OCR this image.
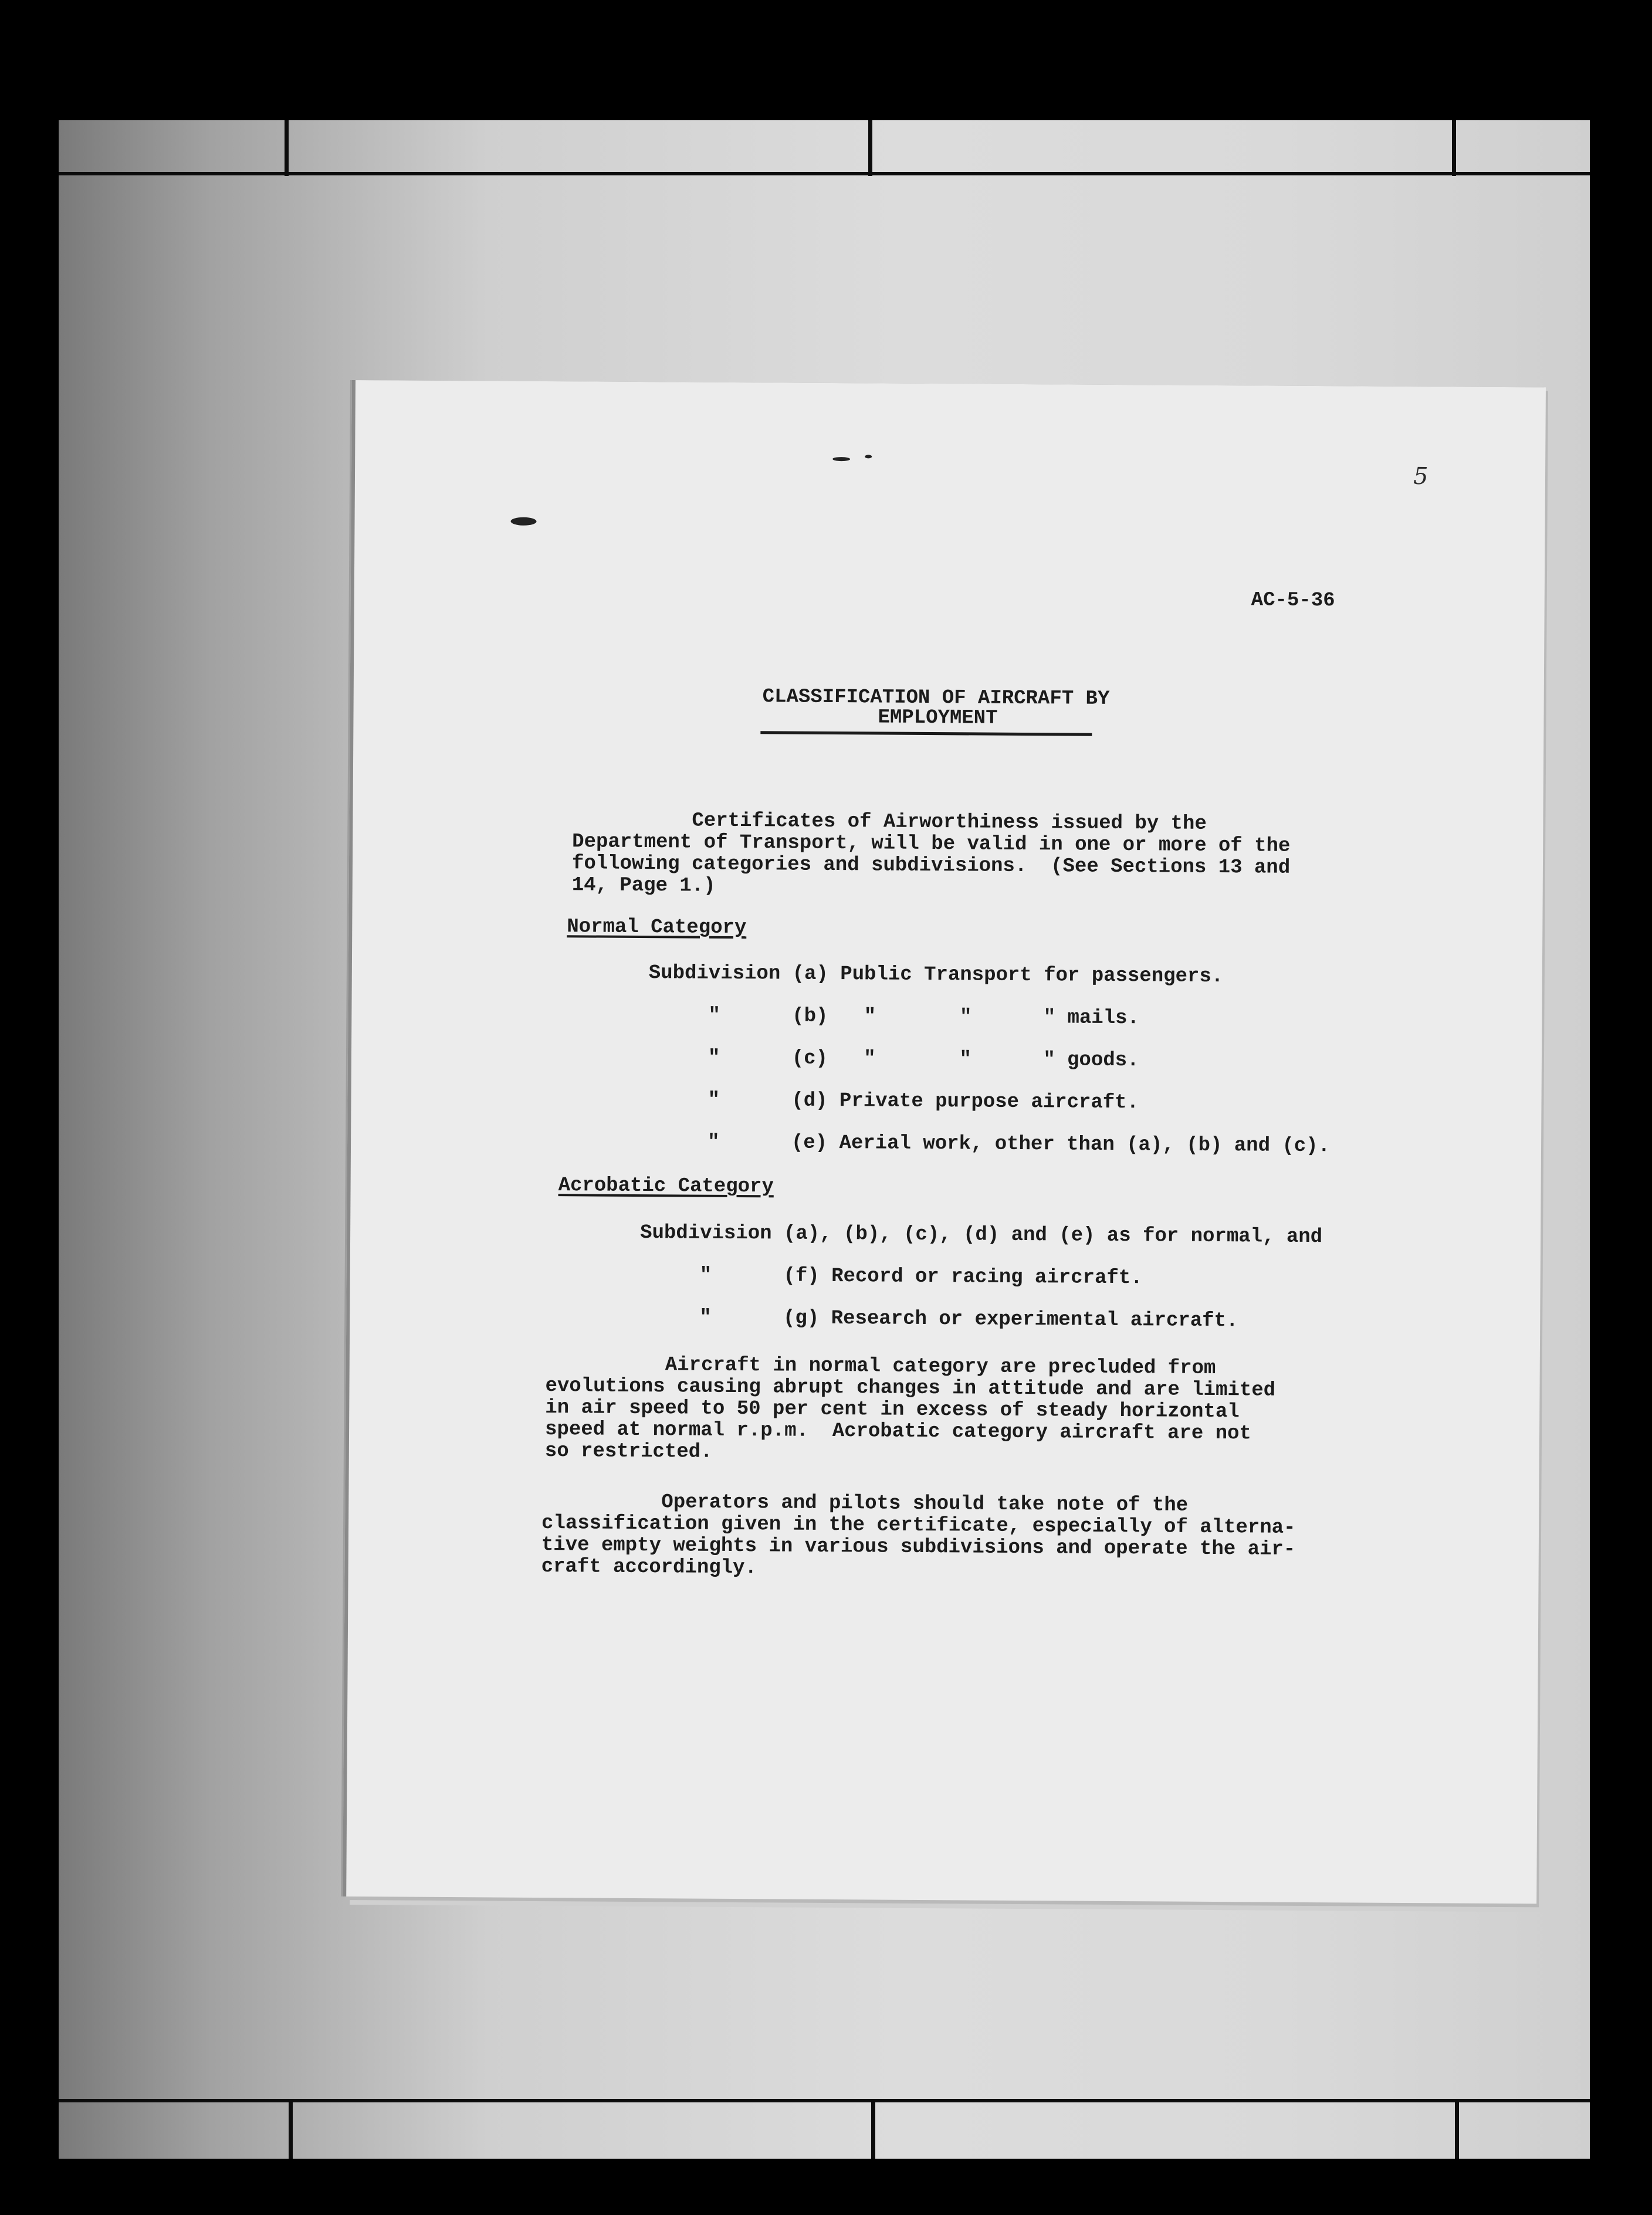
5

AC-5-36

CLASSIFICATION OF AIRCRAFT BY

EMPLOYMENT

Certificates of Airworthiness issued by the

Department of Transport, will be valid in one or more of the

following categories and subdivisions.  (See Sections 13 and

14, Page 1.)

Normal Category

Subdivision (a) Public Transport for passengers.

"      (b)   "       "      " mails.

"      (c)   "       "      " goods.

"      (d) Private purpose aircraft.

"      (e) Aerial work, other than (a), (b) and (c).

Acrobatic Category

Subdivision (a), (b), (c), (d) and (e) as for normal, and

"      (f) Record or racing aircraft.

"      (g) Research or experimental aircraft.

Aircraft in normal category are precluded from

evolutions causing abrupt changes in attitude and are limited

in air speed to 50 per cent in excess of steady horizontal

speed at normal r.p.m.  Acrobatic category aircraft are not

so restricted.

Operators and pilots should take note of the

classification given in the certificate, especially of alterna-

tive empty weights in various subdivisions and operate the air-

craft accordingly.
